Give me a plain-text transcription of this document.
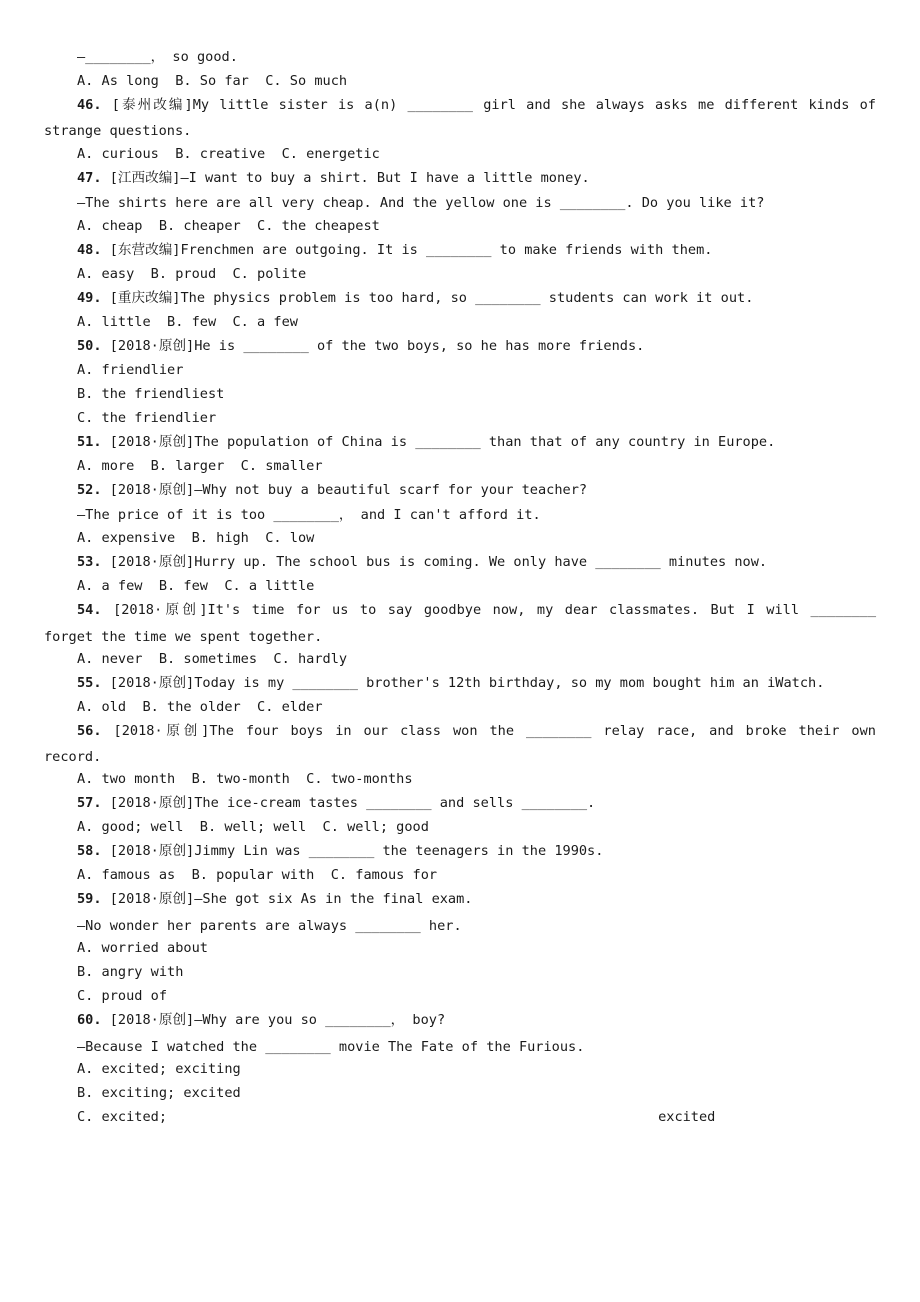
—________， so good.
A. As long  B. So far  C. So much
46. [泰州改编]My little sister is a(n) ________ girl and she always asks me different kinds of
strange questions.
A. curious  B. creative  C. energetic
47. [江西改编]—I want to buy a shirt. But I have a little money.
—The shirts here are all very cheap. And the yellow one is ________. Do you like it?
A. cheap  B. cheaper  C. the cheapest
48. [东营改编]Frenchmen are outgoing. It is ________ to make friends with them.
A. easy  B. proud  C. polite
49. [重庆改编]The physics problem is too hard, so ________ students can work it out.
A. little  B. few  C. a few
50. [2018·原创]He is ________ of the two boys, so he has more friends.
A. friendlier
B. the friendliest
C. the friendlier
51. [2018·原创]The population of China is ________ than that of any country in Europe.
A. more  B. larger  C. smaller
52. [2018·原创]—Why not buy a beautiful scarf for your teacher?
—The price of it is too ________， and I can't afford it.
A. expensive  B. high  C. low
53. [2018·原创]Hurry up. The school bus is coming. We only have ________ minutes now.
A. a few  B. few  C. a little
54. [2018·原创]It's time for us to say goodbye now, my dear classmates. But I will ________
forget the time we spent together.
A. never  B. sometimes  C. hardly
55. [2018·原创]Today is my ________ brother's 12th birthday, so my mom bought him an iWatch.
A. old  B. the older  C. elder
56. [2018·原创]The four boys in our class won the ________ relay race, and broke their own
record.
A. two month  B. two-month  C. two-months
57. [2018·原创]The ice-cream tastes ________ and sells ________.
A. good; well  B. well; well  C. well; good
58. [2018·原创]Jimmy Lin was ________ the teenagers in the 1990s.
A. famous as  B. popular with  C. famous for
59. [2018·原创]—She got six As in the final exam.
—No wonder her parents are always ________ her.
A. worried about
B. angry with
C. proud of
60. [2018·原创]—Why are you so ________， boy?
—Because I watched the ________ movie The Fate of the Furious.
A. excited; exciting
B. exciting; excited
C. excited;                                                            excited
